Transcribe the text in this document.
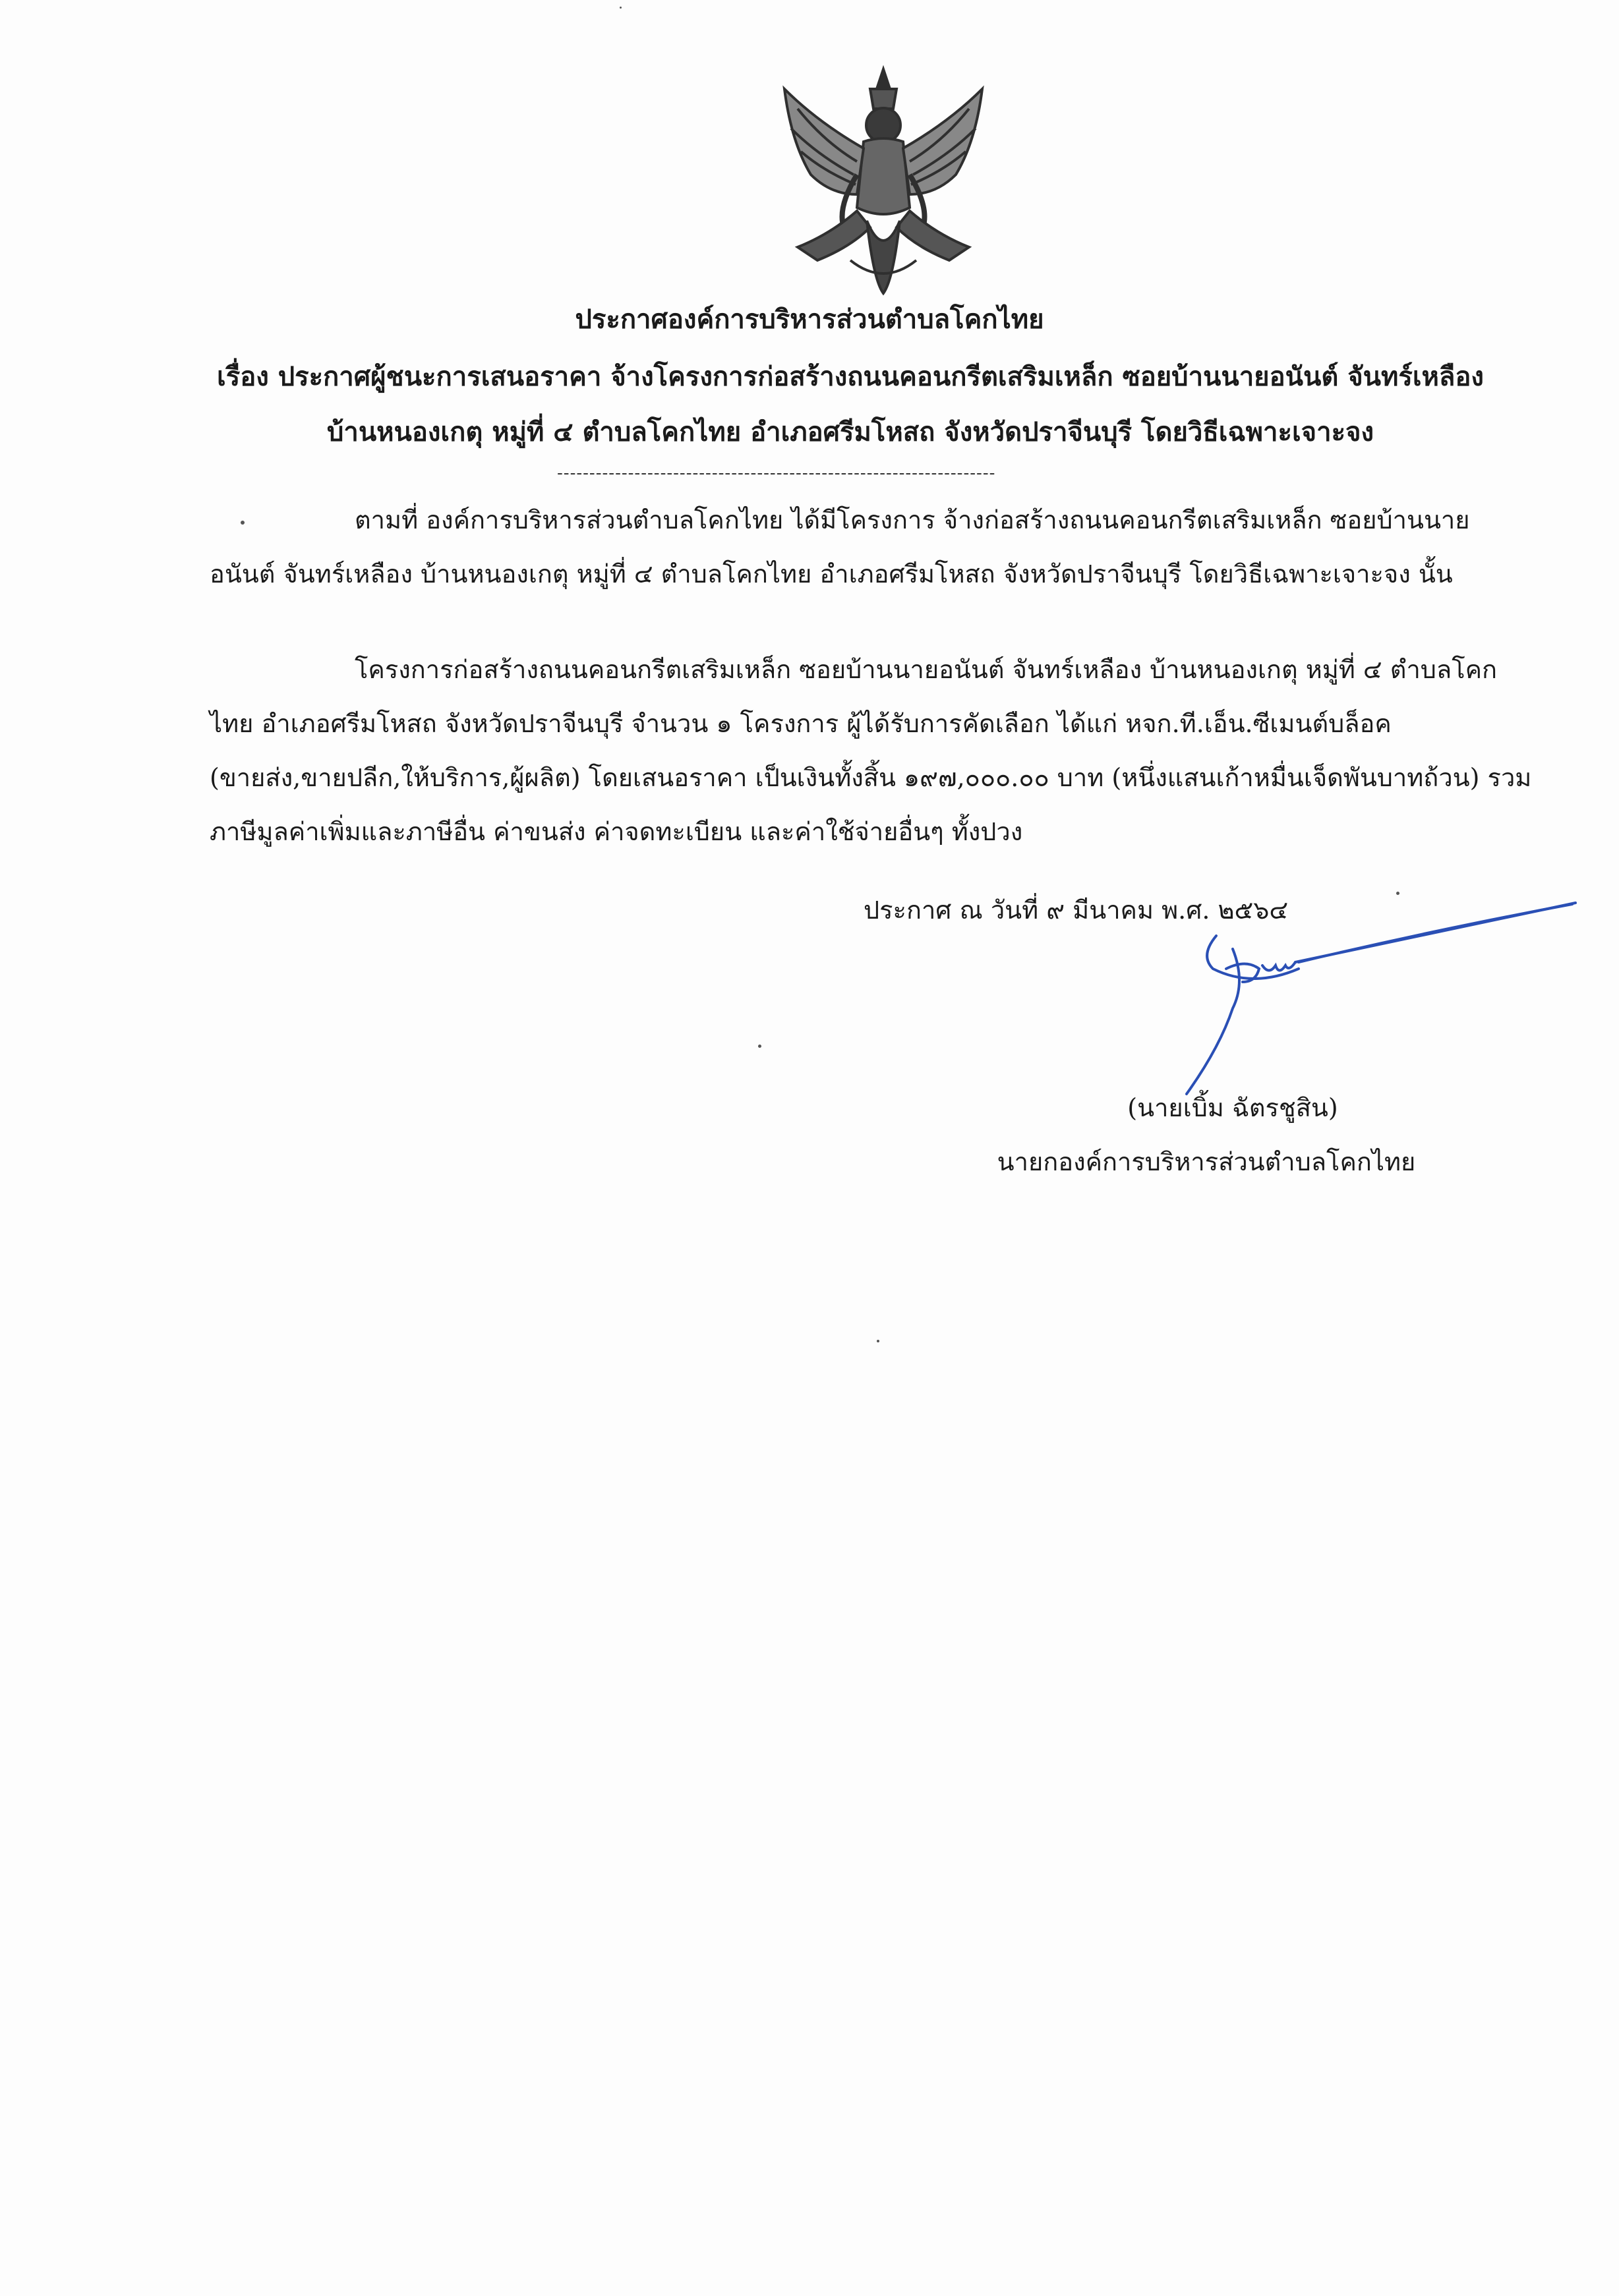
ประกาศองค์การบริหารส่วนตำบลโคกไทย
เรื่อง ประกาศผู้ชนะการเสนอราคา จ้างโครงการก่อสร้างถนนคอนกรีตเสริมเหล็ก ซอยบ้านนายอนันต์ จันทร์เหลือง
บ้านหนองเกตุ หมู่ที่ ๔ ตำบลโคกไทย อำเภอศรีมโหสถ จังหวัดปราจีนบุรี โดยวิธีเฉพาะเจาะจง
--------------------------------------------------------------------
ตามที่ องค์การบริหารส่วนตำบลโคกไทย ได้มีโครงการ จ้างก่อสร้างถนนคอนกรีตเสริมเหล็ก ซอยบ้านนายอนันต์ จันทร์เหลือง บ้านหนองเกตุ หมู่ที่ ๔ ตำบลโคกไทย อำเภอศรีมโหสถ จังหวัดปราจีนบุรี โดยวิธีเฉพาะเจาะจง นั้น
โครงการก่อสร้างถนนคอนกรีตเสริมเหล็ก ซอยบ้านนายอนันต์ จันทร์เหลือง บ้านหนองเกตุ หมู่ที่ ๔ ตำบลโคกไทย อำเภอศรีมโหสถ จังหวัดปราจีนบุรี จำนวน ๑ โครงการ ผู้ได้รับการคัดเลือก ได้แก่ หจก.ที.เอ็น.ซีเมนต์บล็อค (ขายส่ง,ขายปลีก,ให้บริการ,ผู้ผลิต) โดยเสนอราคา เป็นเงินทั้งสิ้น ๑๙๗,๐๐๐.๐๐ บาท (หนึ่งแสนเก้าหมื่นเจ็ดพันบาทถ้วน) รวมภาษีมูลค่าเพิ่มและภาษีอื่น ค่าขนส่ง ค่าจดทะเบียน และค่าใช้จ่ายอื่นๆ ทั้งปวง
ประกาศ ณ วันที่ ๙ มีนาคม พ.ศ. ๒๕๖๔
(นายเบิ้ม ฉัตรชูสิน)
นายกองค์การบริหารส่วนตำบลโคกไทย
